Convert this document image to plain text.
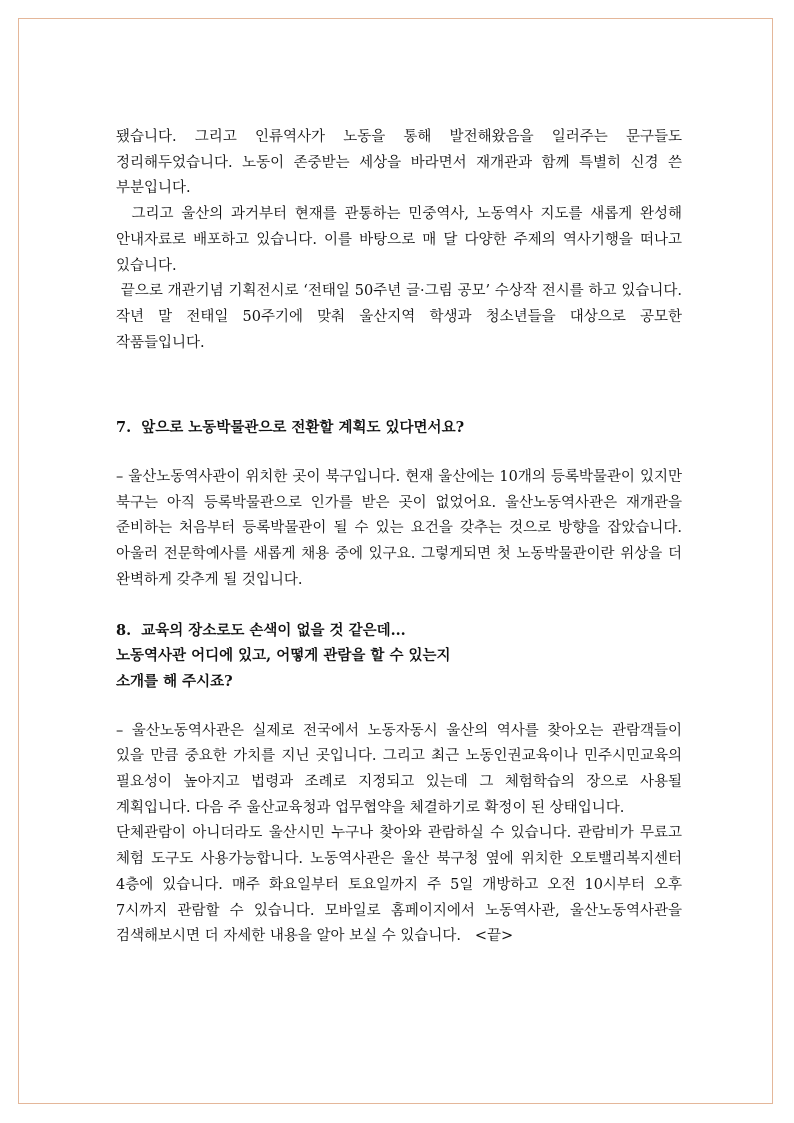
됐습니다. 그리고 인류역사가 노동을 통해 발전해왔음을 일러주는 문구들도 정리해두었습니다. 노동이 존중받는 세상을 바라면서 재개관과 함께 특별히 신경 쓴 부분입니다.

그리고 울산의 과거부터 현재를 관통하는 민중역사, 노동역사 지도를 새롭게 완성해 안내자료로 배포하고 있습니다. 이를 바탕으로 매 달 다양한 주제의 역사기행을 떠나고 있습니다.

끝으로 개관기념 기획전시로 ‘전태일 50주년 글·그림 공모’ 수상작 전시를 하고 있습니다. 작년 말 전태일 50주기에 맞춰 울산지역 학생과 청소년들을 대상으로 공모한 작품들입니다.

7.  앞으로 노동박물관으로 전환할 계획도 있다면서요?

– 울산노동역사관이 위치한 곳이 북구입니다. 현재 울산에는 10개의 등록박물관이 있지만 북구는 아직 등록박물관으로 인가를 받은 곳이 없었어요. 울산노동역사관은 재개관을 준비하는 처음부터 등록박물관이 될 수 있는 요건을 갖추는 것으로 방향을 잡았습니다. 아울러 전문학예사를 새롭게 채용 중에 있구요. 그렇게되면 첫 노동박물관이란 위상을 더 완벽하게 갖추게 될 것입니다.

8.  교육의 장소로도 손색이 없을 것 같은데...

노동역사관 어디에 있고, 어떻게 관람을 할 수 있는지

소개를 해 주시죠?

– 울산노동역사관은 실제로 전국에서 노동자동시 울산의 역사를 찾아오는 관람객들이 있을 만큼 중요한 가치를 지닌 곳입니다. 그리고 최근 노동인권교육이나 민주시민교육의 필요성이 높아지고 법령과 조례로 지정되고 있는데 그 체험학습의 장으로 사용될 계획입니다. 다음 주 울산교육청과 업무협약을 체결하기로 확정이 된 상태입니다.

단체관람이 아니더라도 울산시민 누구나 찾아와 관람하실 수 있습니다. 관람비가 무료고 체험 도구도 사용가능합니다. 노동역사관은 울산 북구청 옆에 위치한 오토밸리복지센터 4층에 있습니다. 매주 화요일부터 토요일까지 주 5일 개방하고 오전 10시부터 오후 7시까지 관람할 수 있습니다. 모바일로 홈페이지에서 노동역사관, 울산노동역사관을 검색해보시면 더 자세한 내용을 알아 보실 수 있습니다.   <끝>
